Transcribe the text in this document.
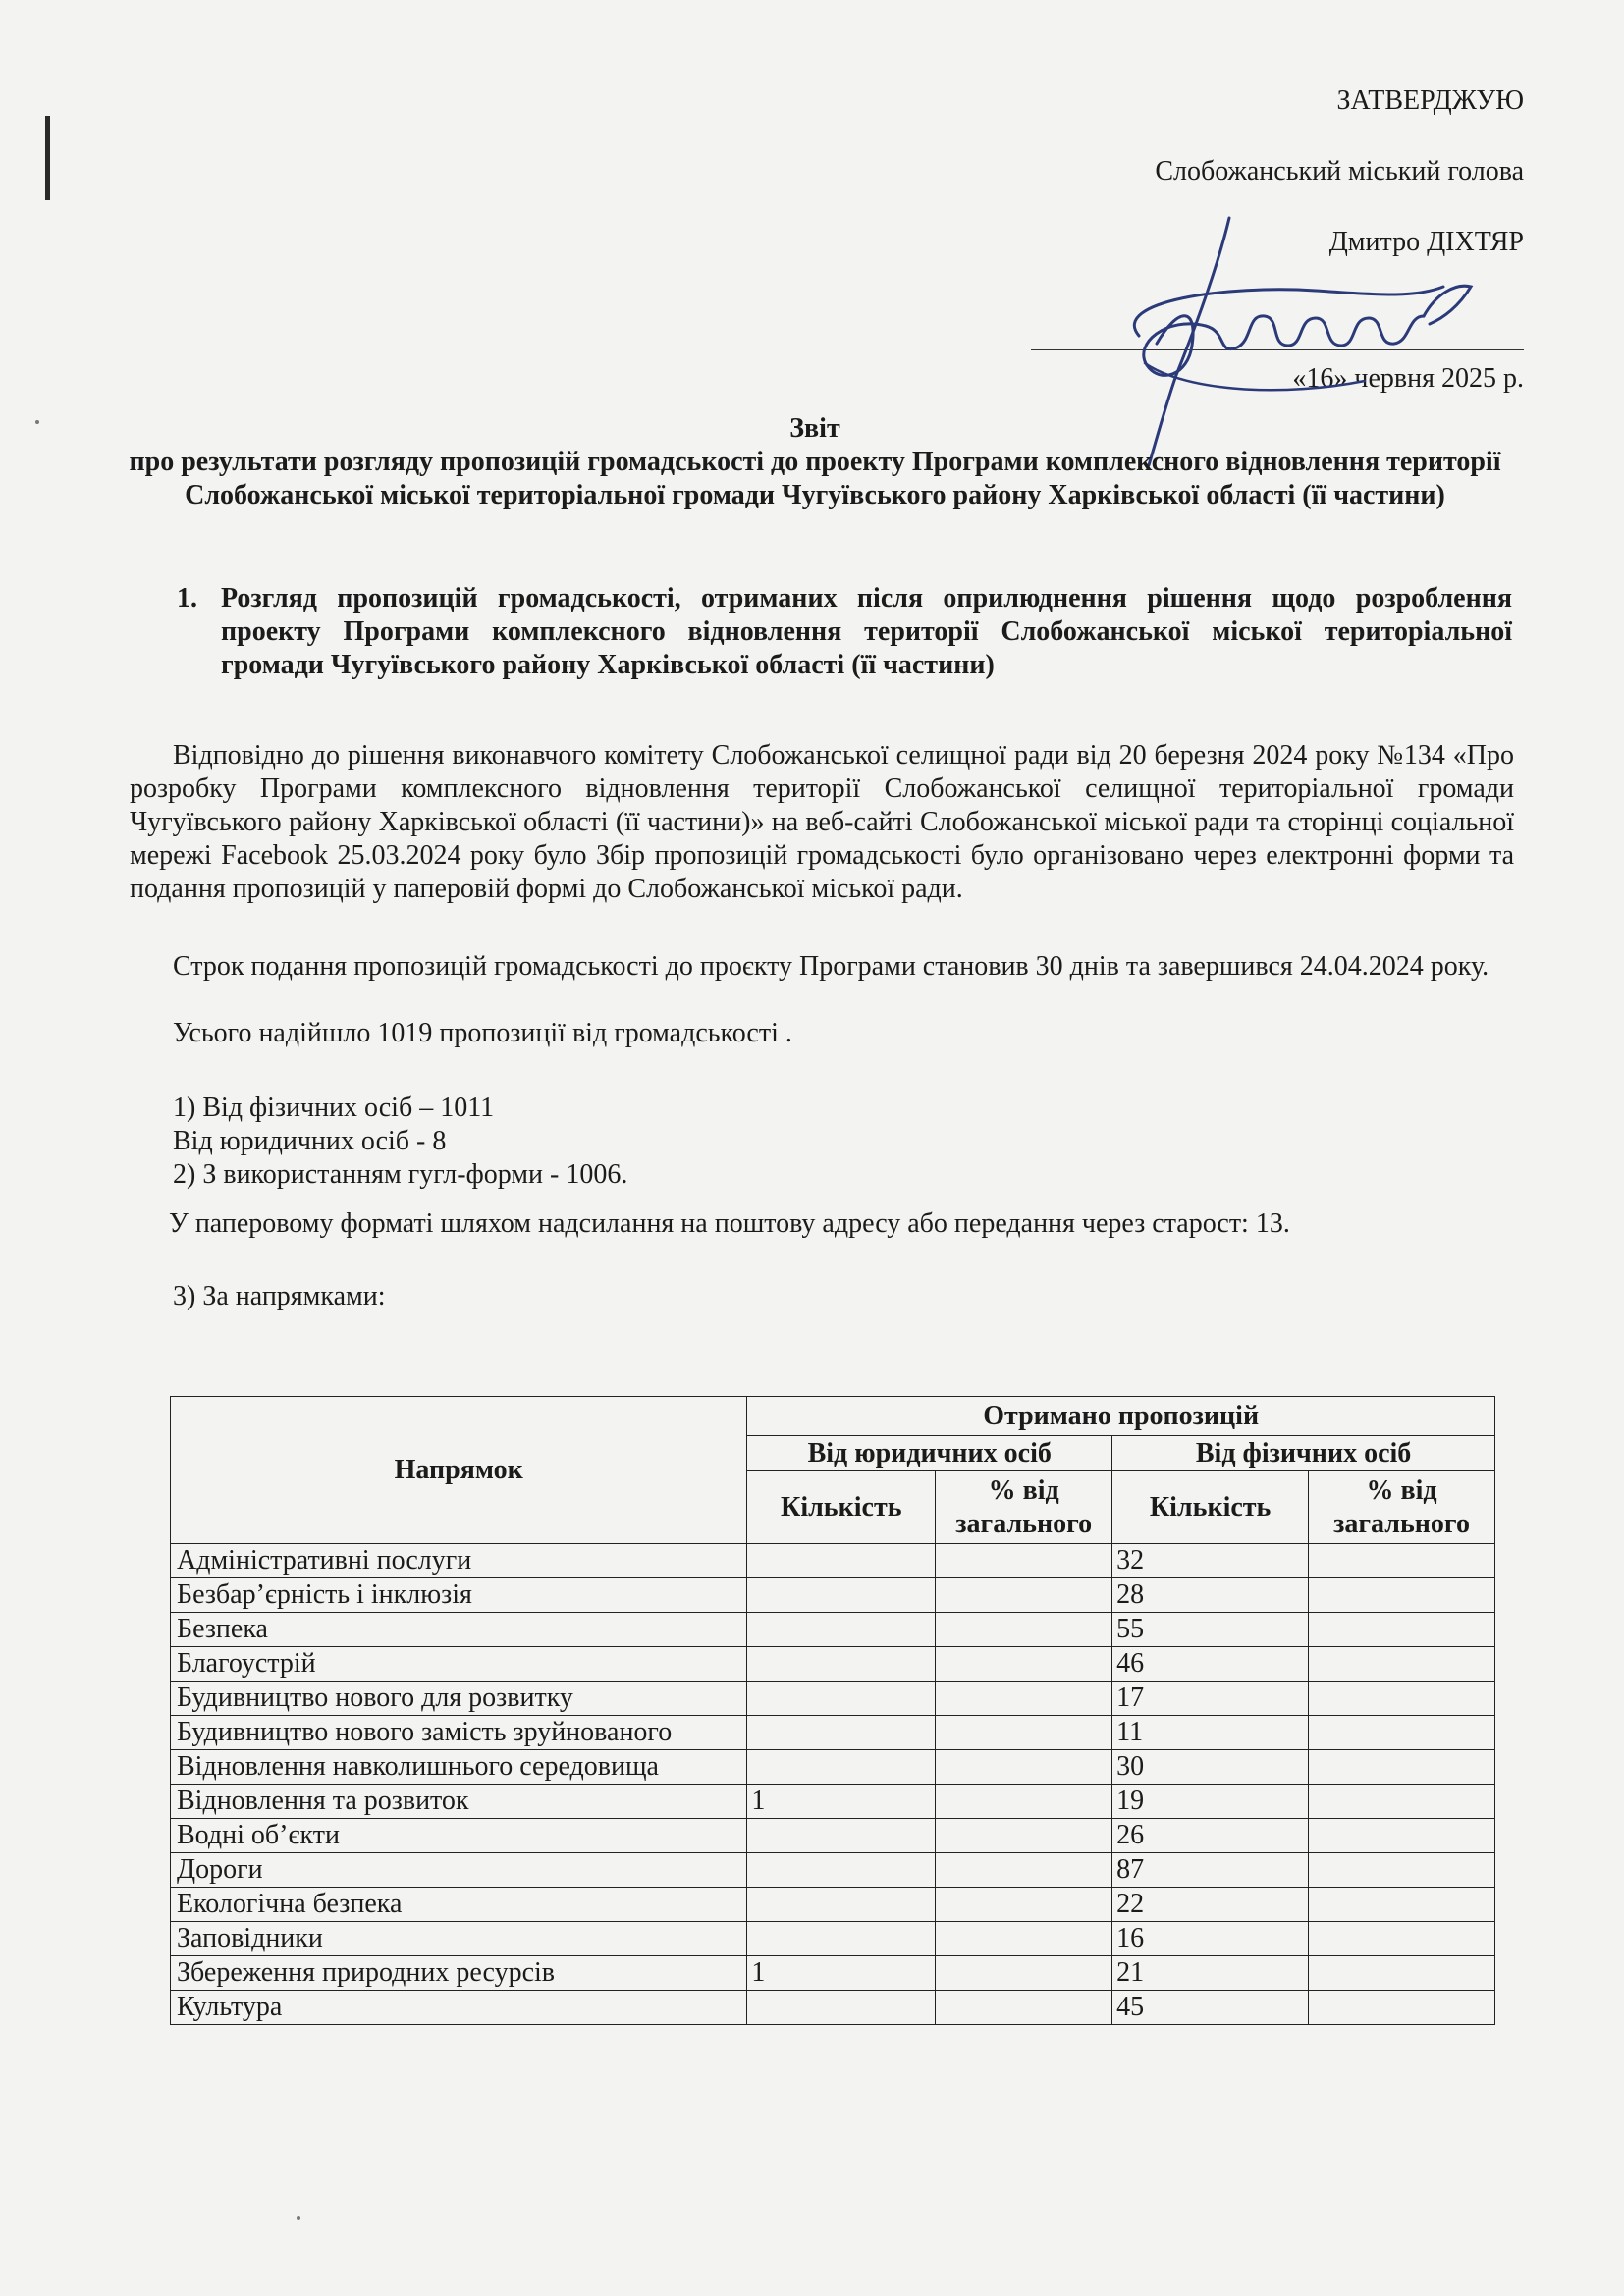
ЗАТВЕРДЖУЮ
Слобожанський міський голова
Дмитро ДІХТЯР
«16» червня 2025 р.
Звіт
про результати розгляду пропозицій громадськості до проекту Програми комплексного відновлення території Слобожанської міської територіальної громади Чугуївського району Харківської області (її частини)
1. Розгляд пропозицій громадськості, отриманих після оприлюднення рішення щодо розроблення проекту Програми комплексного відновлення території Слобожанської міської територіальної громади Чугуївського району Харківської області (її частини)
Відповідно до рішення виконавчого комітету Слобожанської селищної ради від 20 березня 2024 року №134 «Про розробку Програми комплексного відновлення території Слобожанської селищної територіальної громади Чугуївського району Харківської області (її частини)» на веб-сайті Слобожанської міської ради та сторінці соціальної мережі Facebook 25.03.2024 року було Збір пропозицій громадськості було організовано через електронні форми та подання пропозицій у паперовій формі до Слобожанської міської ради.
Строк подання пропозицій громадськості до проєкту Програми становив 30 днів та завершився 24.04.2024 року.
Усього надійшло 1019 пропозиції від громадськості .
1) Від фізичних осіб – 1011
Від юридичних осіб - 8
2) З використанням гугл-форми - 1006.
У паперовому форматі шляхом надсилання на поштову адресу або передання через старост: 13.
3) За напрямками:
Напрямок	Отримано пропозицій			
	Від юридичних осіб		Від фізичних осіб	
	Кількість	% від загального	Кількість	% від загального
Адміністративні послуги			32	
Безбар’єрність і інклюзія			28	
Безпека			55	
Благоустрій			46	
Будивництво нового для розвитку			17	
Будивництво нового замість зруйнованого			11	
Відновлення навколишнього середовища			30	
Відновлення та розвиток	1		19	
Водні об’єкти			26	
Дороги			87	
Екологічна безпека			22	
Заповідники			16	
Збереження природних ресурсів	1		21	
Культура			45	
